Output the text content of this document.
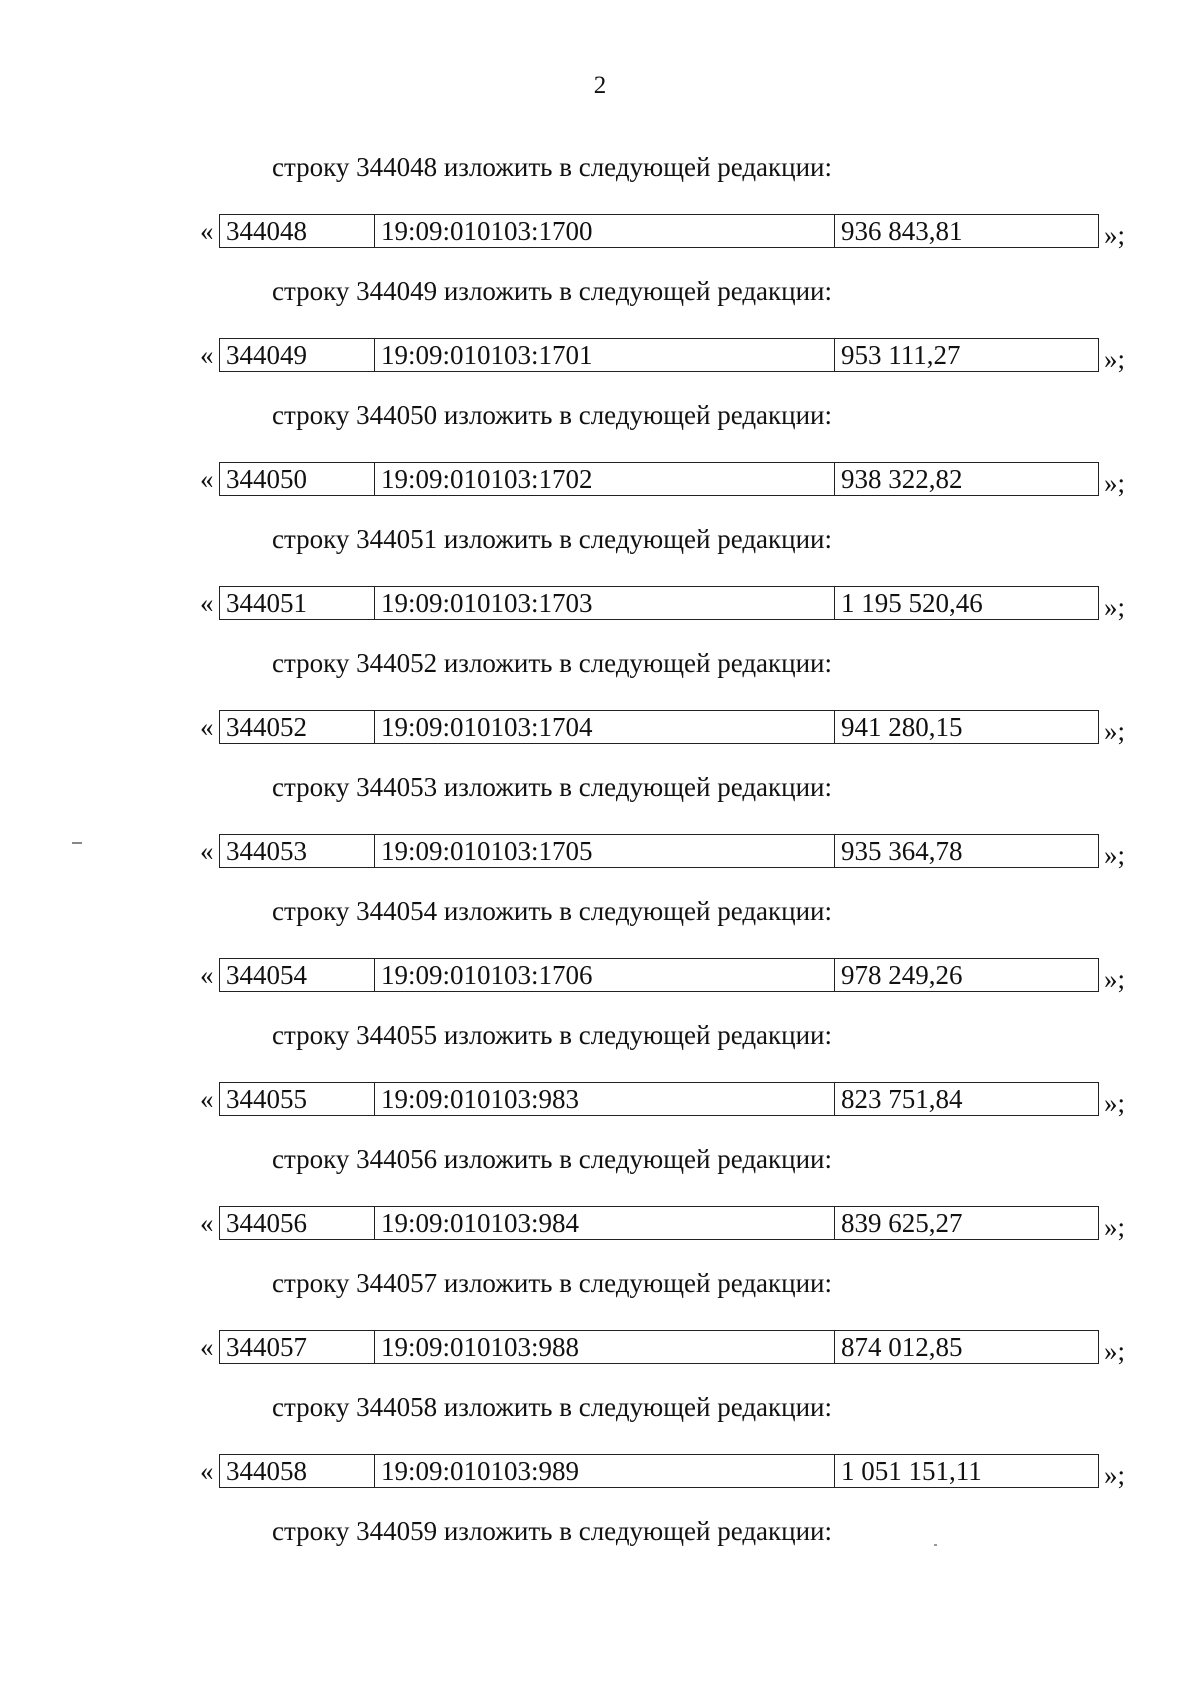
2
строку 344048 изложить в следующей редакции:
« 344048	19:09:010103:1700	936 843,81	»;
строку 344049 изложить в следующей редакции:
« 344049	19:09:010103:1701	953 111,27	»;
строку 344050 изложить в следующей редакции:
« 344050	19:09:010103:1702	938 322,82	»;
строку 344051 изложить в следующей редакции:
« 344051	19:09:010103:1703	1 195 520,46	»;
строку 344052 изложить в следующей редакции:
« 344052	19:09:010103:1704	941 280,15	»;
строку 344053 изложить в следующей редакции:
« 344053	19:09:010103:1705	935 364,78	»;
строку 344054 изложить в следующей редакции:
« 344054	19:09:010103:1706	978 249,26	»;
строку 344055 изложить в следующей редакции:
« 344055	19:09:010103:983	823 751,84	»;
строку 344056 изложить в следующей редакции:
« 344056	19:09:010103:984	839 625,27	»;
строку 344057 изложить в следующей редакции:
« 344057	19:09:010103:988	874 012,85	»;
строку 344058 изложить в следующей редакции:
« 344058	19:09:010103:989	1 051 151,11	»;
строку 344059 изложить в следующей редакции:
